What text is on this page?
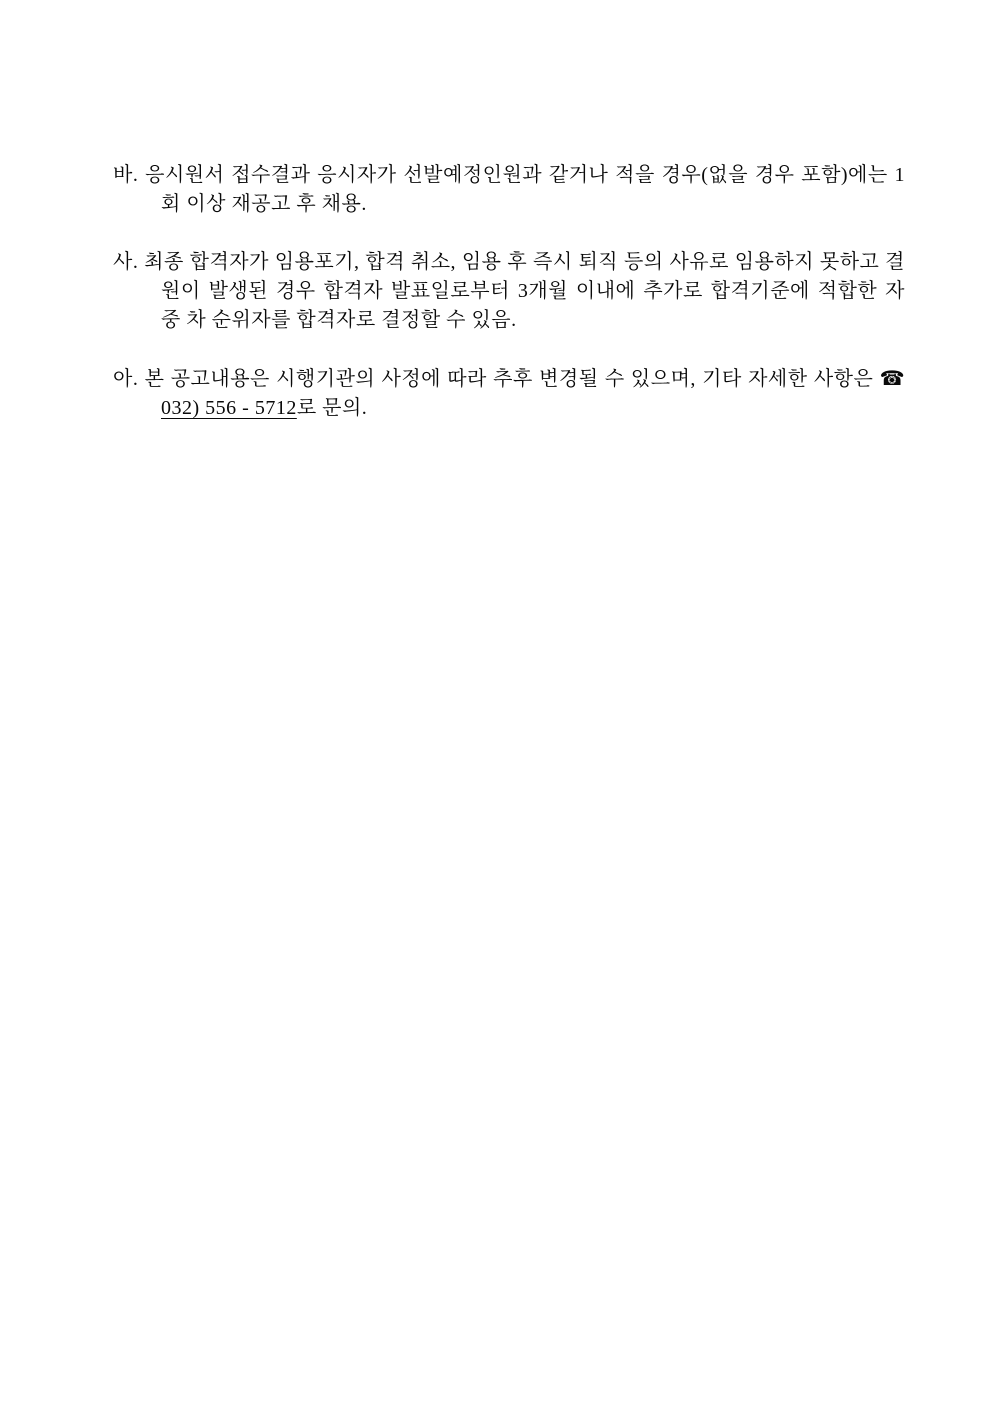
바. 응시원서 접수결과 응시자가 선발예정인원과 같거나 적을 경우(없을 경우 포함)에는 1회 이상 재공고 후 채용.

사. 최종 합격자가 임용포기, 합격 취소, 임용 후 즉시 퇴직 등의 사유로 임용하지 못하고 결원이 발생된 경우 합격자 발표일로부터 3개월 이내에 추가로 합격기준에 적합한 자 중 차 순위자를 합격자로 결정할 수 있음.

아. 본 공고내용은 시행기관의 사정에 따라 추후 변경될 수 있으며, 기타 자세한 사항은 ☎ 032) 556 - 5712로 문의.
